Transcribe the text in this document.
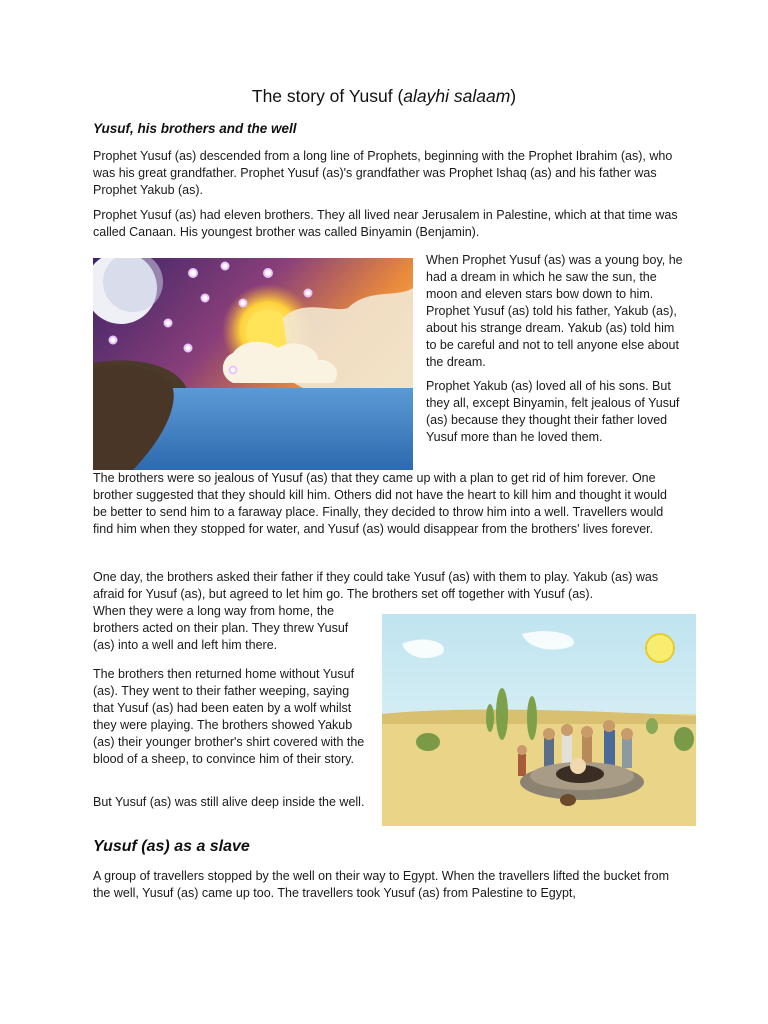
The story of Yusuf (alayhi salaam)
Yusuf, his brothers and the well

Prophet Yusuf (as) descended from a long line of Prophets, beginning with the Prophet Ibrahim (as), who was his great grandfather. Prophet Yusuf (as)'s grandfather was Prophet Ishaq (as) and his father was Prophet Yakub (as).

Prophet Yusuf (as) had eleven brothers. They all lived near Jerusalem in Palestine, which at that time was called Canaan. His youngest brother was called Binyamin (Benjamin).

When Prophet Yusuf (as) was a young boy, he had a dream in which he saw the sun, the moon and eleven stars bow down to him. Prophet Yusuf (as) told his father, Yakub (as), about his strange dream. Yakub (as) told him to be careful and not to tell anyone else about the dream.

Prophet Yakub (as) loved all of his sons. But they all, except Binyamin, felt jealous of Yusuf (as) because they thought their father loved Yusuf more than he loved them.

The brothers were so jealous of Yusuf (as) that they came up with a plan to get rid of him forever. One brother suggested that they should kill him. Others did not have the heart to kill him and thought it would be better to send him to a faraway place. Finally, they decided to throw him into a well. Travellers would find him when they stopped for water, and Yusuf (as) would disappear from the brothers' lives forever.

One day, the brothers asked their father if they could take Yusuf (as) with them to play. Yakub (as) was afraid for Yusuf (as), but agreed to let him go. The brothers set off together with Yusuf (as).

When they were a long way from home, the brothers acted on their plan. They threw Yusuf (as) into a well and left him there.

The brothers then returned home without Yusuf (as). They went to their father weeping, saying that Yusuf (as) had been eaten by a wolf whilst they were playing. The brothers showed Yakub (as) their younger brother's shirt covered with the blood of a sheep, to convince him of their story.

But Yusuf (as) was still alive deep inside the well.

Yusuf (as) as a slave

A group of travellers stopped by the well on their way to Egypt. When the travellers lifted the bucket from the well, Yusuf (as) came up too. The travellers took Yusuf (as) from Palestine to Egypt,
